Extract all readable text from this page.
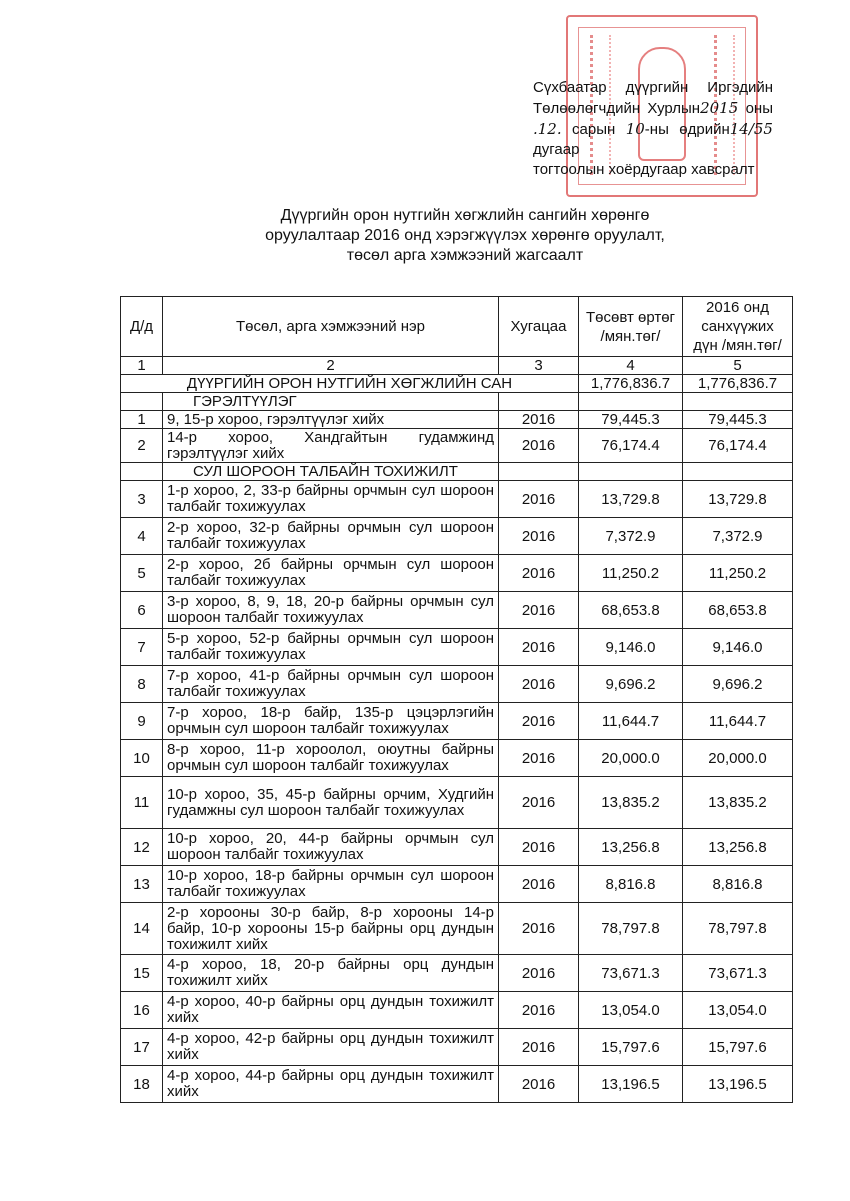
Сүхбаатар дүүргийн Иргэдийн
Төлөөлөгчдийн Хурлын2015 оны
.12. сарын 10-ны өдрийн14/55 дугаар
тогтоолын хоёрдугаар хавсралт
Дүүргийн орон нутгийн хөгжлийн сангийн хөрөнгө
оруулалтаар 2016 онд хэрэгжүүлэх хөрөнгө оруулалт,
төсөл арга хэмжээний жагсаалт
Д/д	Төсөл, арга хэмжээний нэр	Хугацаа	Төсөвт өртөг /мян.төг/	2016 онд санхүүжих дүн /мян.төг/
1	2	3	4	5
ДҮҮРГИЙН ОРОН НУТГИЙН ХӨГЖЛИЙН САН			1,776,836.7	1,776,836.7
	ГЭРЭЛТҮҮЛЭГ			
1	9, 15-р хороо, гэрэлтүүлэг хийх	2016	79,445.3	79,445.3
2	14-р хороо, Хандгайтын гудамжинд гэрэлтүүлэг хийх	2016	76,174.4	76,174.4
	СУЛ ШОРООН ТАЛБАЙН ТОХИЖИЛТ			
3	1-р хороо, 2, 33-р байрны орчмын сул шороон талбайг тохижуулах	2016	13,729.8	13,729.8
4	2-р хороо, 32-р байрны орчмын сул шороон талбайг тохижуулах	2016	7,372.9	7,372.9
5	2-р хороо, 2б байрны орчмын сул шороон талбайг тохижуулах	2016	11,250.2	11,250.2
6	3-р хороо, 8, 9, 18, 20-р байрны орчмын сул шороон талбайг тохижуулах	2016	68,653.8	68,653.8
7	5-р хороо, 52-р байрны орчмын сул шороон талбайг тохижуулах	2016	9,146.0	9,146.0
8	7-р хороо, 41-р байрны орчмын сул шороон талбайг тохижуулах	2016	9,696.2	9,696.2
9	7-р хороо, 18-р байр, 135-р цэцэрлэгийн орчмын сул шороон талбайг тохижуулах	2016	11,644.7	11,644.7
10	8-р хороо, 11-р хороолол, оюутны байрны орчмын сул шороон талбайг тохижуулах	2016	20,000.0	20,000.0
11	10-р хороо, 35, 45-р байрны орчим, Худгийн гудамжны сул шороон талбайг тохижуулах	2016	13,835.2	13,835.2
12	10-р хороо, 20, 44-р байрны орчмын сул шороон талбайг тохижуулах	2016	13,256.8	13,256.8
13	10-р хороо, 18-р байрны орчмын сул шороон талбайг тохижуулах	2016	8,816.8	8,816.8
14	2-р хорооны 30-р байр, 8-р хорооны 14-р байр, 10-р хорооны 15-р байрны орц дундын тохижилт хийх	2016	78,797.8	78,797.8
15	4-р хороо, 18, 20-р байрны орц дундын тохижилт хийх	2016	73,671.3	73,671.3
16	4-р хороо, 40-р байрны орц дундын тохижилт хийх	2016	13,054.0	13,054.0
17	4-р хороо, 42-р байрны орц дундын тохижилт хийх	2016	15,797.6	15,797.6
18	4-р хороо, 44-р байрны орц дундын тохижилт хийх	2016	13,196.5	13,196.5
